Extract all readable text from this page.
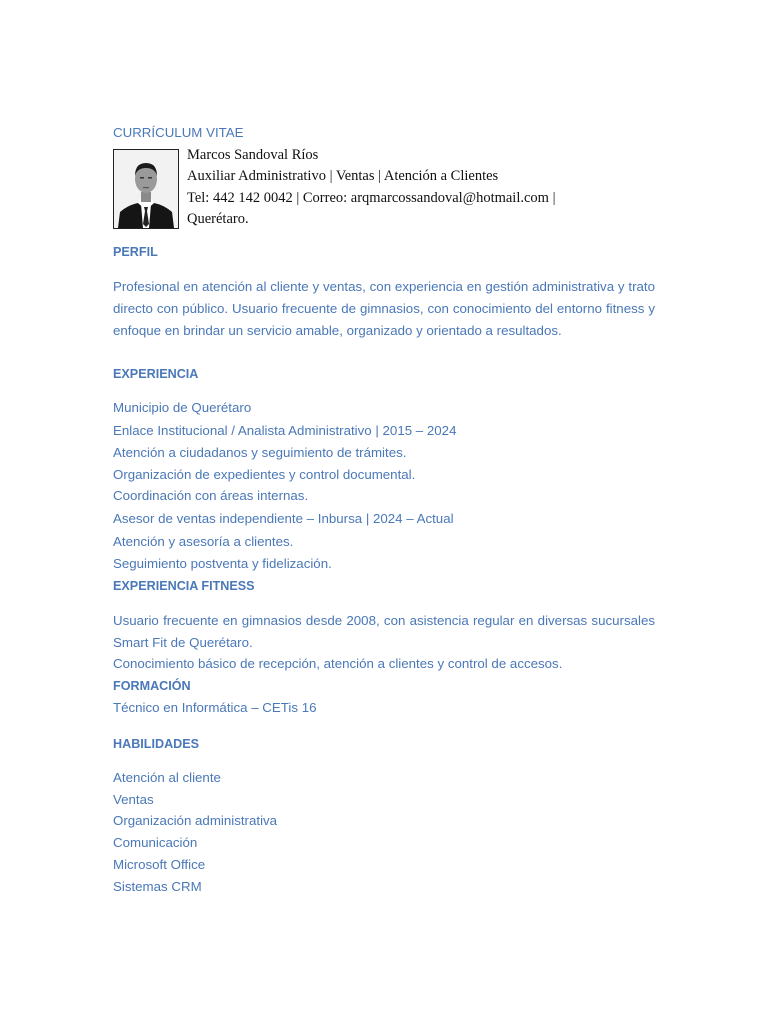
CURRÍCULUM VITAE
Marcos Sandoval Ríos
Auxiliar Administrativo | Ventas | Atención a Clientes
Tel: 442 142 0042 | Correo: arqmarcossandoval@hotmail.com |
Querétaro.
PERFIL
Profesional en atención al cliente y ventas, con experiencia en gestión administrativa y trato directo con público. Usuario frecuente de gimnasios, con conocimiento del entorno fitness y enfoque en brindar un servicio amable, organizado y orientado a resultados.
EXPERIENCIA
Municipio de Querétaro
Enlace Institucional / Analista Administrativo | 2015 – 2024
Atención a ciudadanos y seguimiento de trámites.
Organización de expedientes y control documental.
Coordinación con áreas internas.
Asesor de ventas independiente – Inbursa | 2024 – Actual
Atención y asesoría a clientes.
Seguimiento postventa y fidelización.
EXPERIENCIA FITNESS
Usuario frecuente en gimnasios desde 2008, con asistencia regular en diversas sucursales Smart Fit de Querétaro.
Conocimiento básico de recepción, atención a clientes y control de accesos.
FORMACIÓN
Técnico en Informática – CETis 16
HABILIDADES
Atención al cliente
Ventas
Organización administrativa
Comunicación
Microsoft Office
Sistemas CRM
